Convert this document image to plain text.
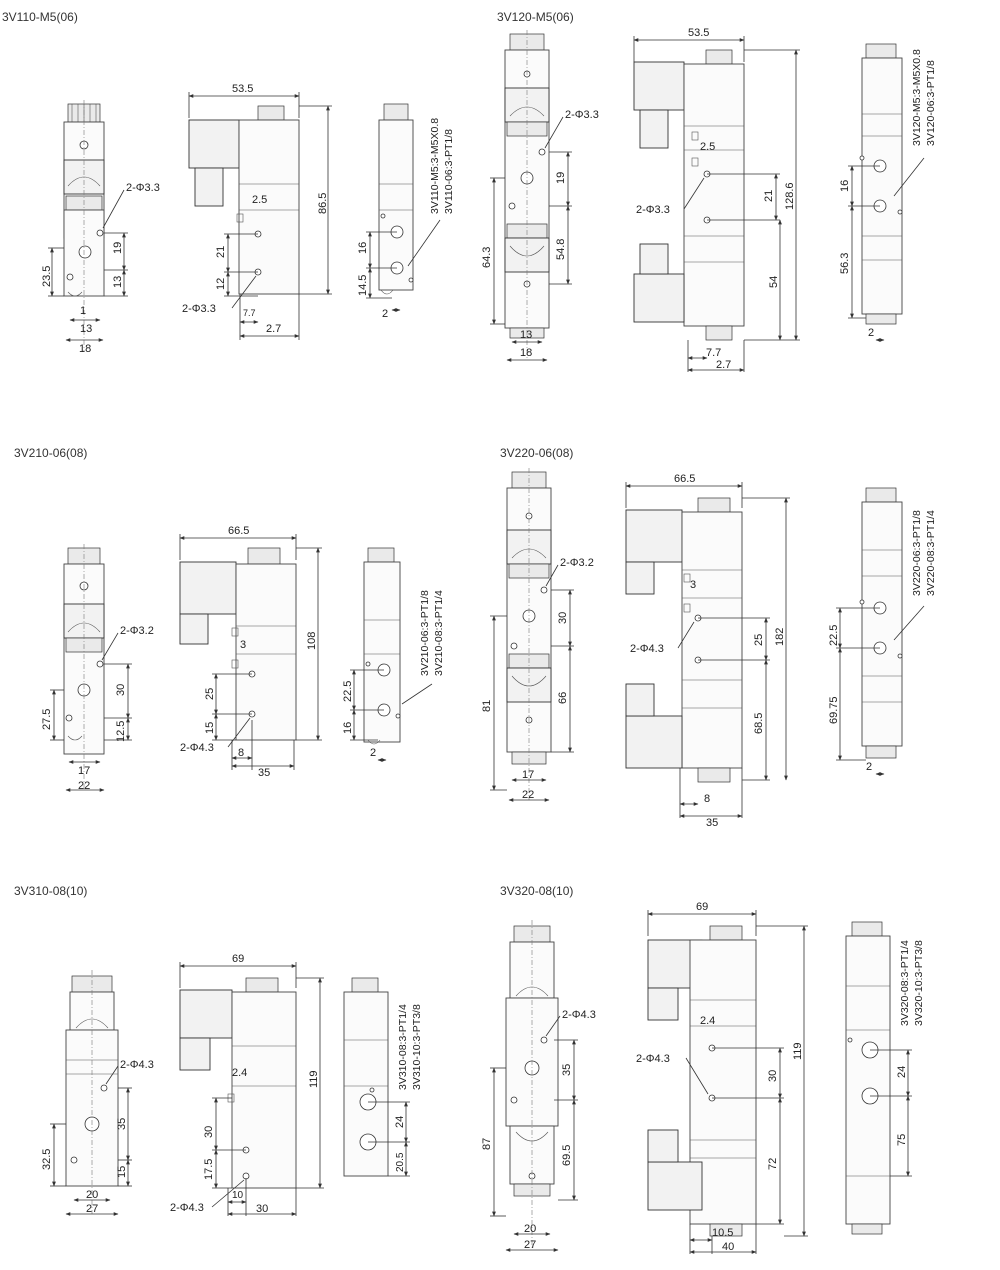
3V110-M5(06)	3V120-M5(06)
3V210-06(08)	3V220-06(08)
3V310-08(10)	3V320-08(10)
2-Φ3.3
19
13
23.5
1
13
18
53.5
86.5
2.5
21
12
2-Φ3.3	7.7
2.7
3V110-M5:3-M5X0.8 3V110-06:3-PT1/8
16
14.5
2
2-Φ3.3
19
54.8
64.3
13
18
53.5
2.5
2-Φ3.3
21 128.6
54
7.7
2.7
3V120-M5:3-M5X0.8 3V120-06:3-PT1/8
16
56.3
2
2-Φ3.2
30
12.5
27.5
17
22
66.5
108
3
25
15
2-Φ4.3 8
35
3V210-06:3-PT1/8 3V210-08:3-PT1/4
22.5
16
2
2-Φ3.2
30
66
81
17
22
66.5
3
2-Φ4.3
25
68.5
182
8
35
3V220-06:3-PT1/8 3V220-08:3-PT1/4
22.5
69.75
2
2-Φ4.3
35
15
32.5
20
27
69
119
2.4
30
17.5
2-Φ4.3
10
30
3V310-08:3-PT1/4 3V310-10:3-PT3/8
24
20.5
2-Φ4.3
35
69.5
87
20
27
69
2.4
2-Φ4.3
30
72
119
10.5
40
3V320-08:3-PT1/4 3V320-10:3-PT3/8
24
75
